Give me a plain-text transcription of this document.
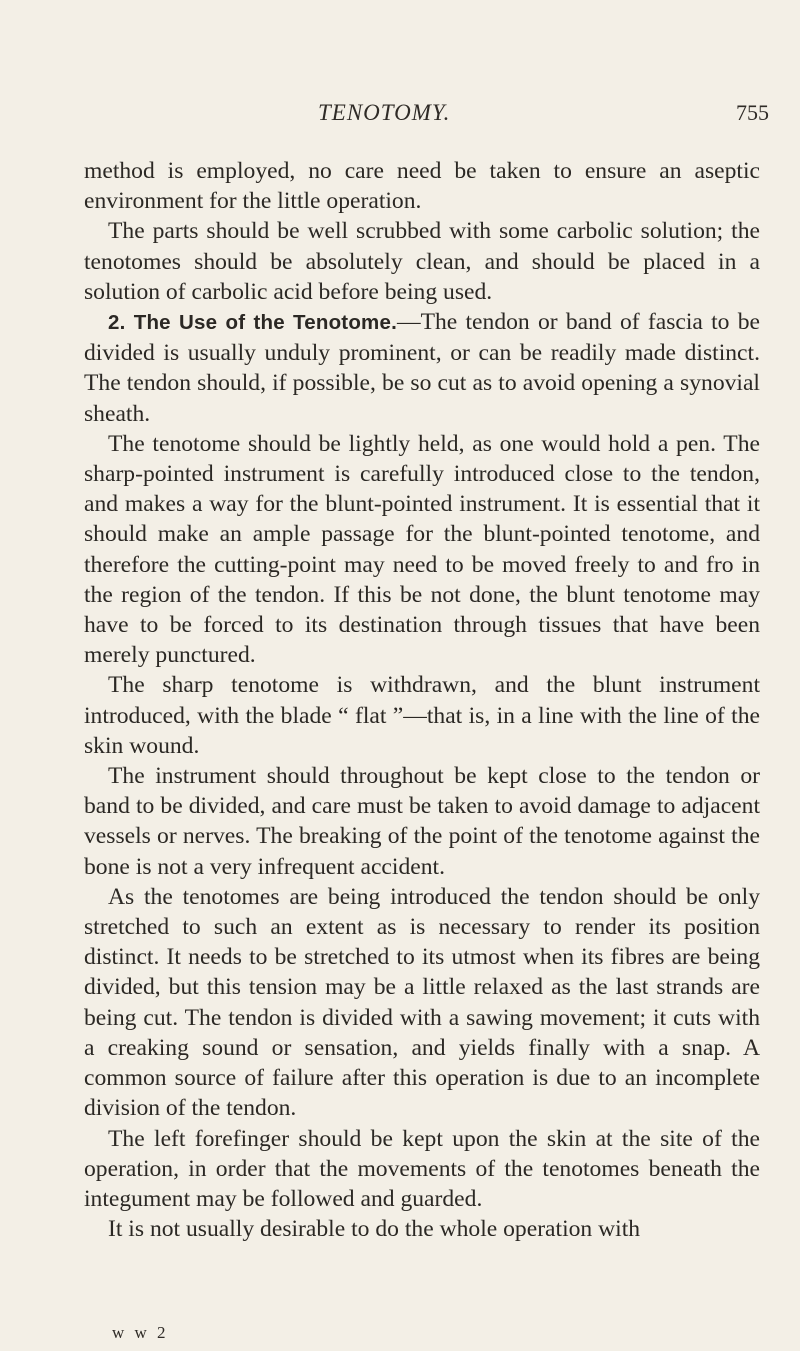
TENOTOMY.	755

method is employed, no care need be taken to ensure an aseptic environment for the little operation.

The parts should be well scrubbed with some carbolic solution; the tenotomes should be absolutely clean, and should be placed in a solution of carbolic acid before being used.

2. The Use of the Tenotome.—The tendon or band of fascia to be divided is usually unduly prominent, or can be readily made distinct. The tendon should, if possible, be so cut as to avoid opening a synovial sheath.

The tenotome should be lightly held, as one would hold a pen. The sharp-pointed instrument is carefully introduced close to the tendon, and makes a way for the blunt-pointed instrument. It is essential that it should make an ample passage for the blunt-pointed tenotome, and therefore the cutting-point may need to be moved freely to and fro in the region of the tendon. If this be not done, the blunt tenotome may have to be forced to its destination through tissues that have been merely punctured.

The sharp tenotome is withdrawn, and the blunt instrument introduced, with the blade “ flat ”—that is, in a line with the line of the skin wound.

The instrument should throughout be kept close to the tendon or band to be divided, and care must be taken to avoid damage to adjacent vessels or nerves. The breaking of the point of the tenotome against the bone is not a very infrequent accident.

As the tenotomes are being introduced the tendon should be only stretched to such an extent as is necessary to render its position distinct. It needs to be stretched to its utmost when its fibres are being divided, but this tension may be a little relaxed as the last strands are being cut. The tendon is divided with a sawing movement; it cuts with a creaking sound or sensation, and yields finally with a snap. A common source of failure after this operation is due to an incomplete division of the tendon.

The left forefinger should be kept upon the skin at the site of the operation, in order that the movements of the tenotomes beneath the integument may be followed and guarded.

It is not usually desirable to do the whole operation with

w w 2
